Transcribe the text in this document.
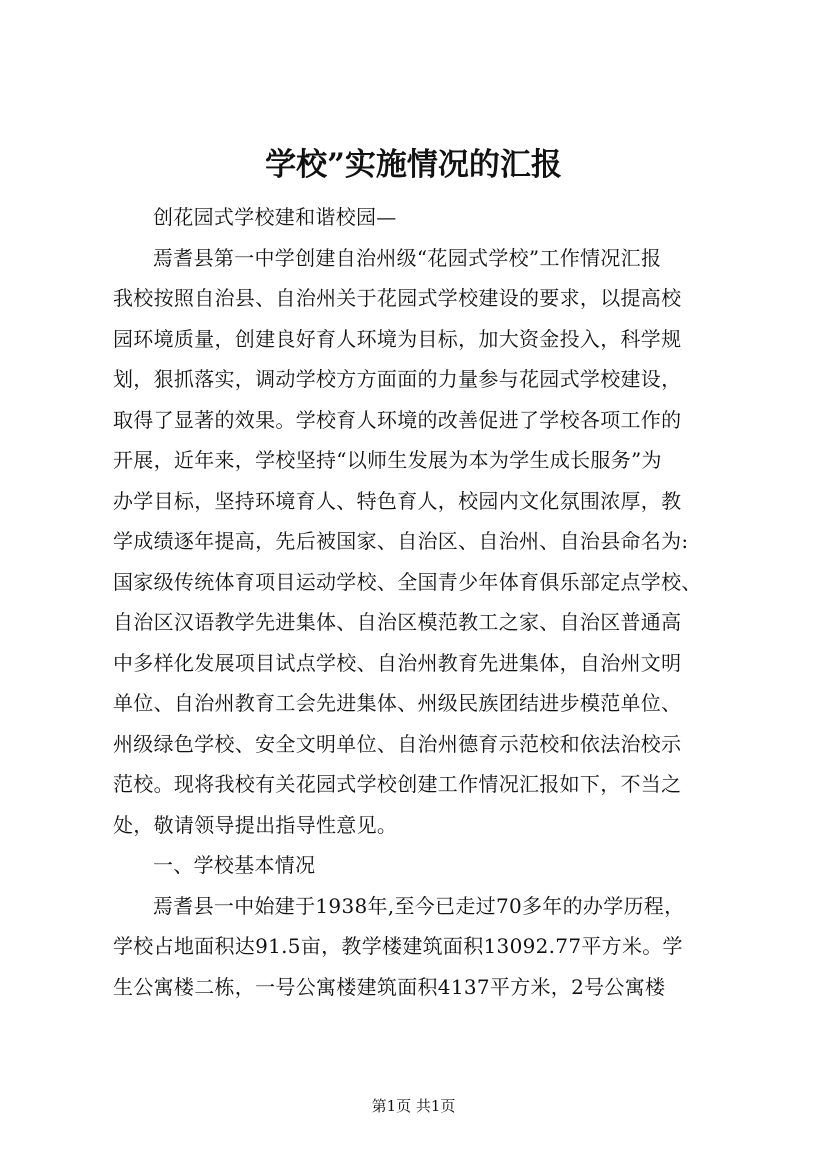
学校”实施情况的汇报

创花园式学校建和谐校园—

焉耆县第一中学创建自治州级“花园式学校”工作情况汇报

我校按照自治县、自治州关于花园式学校建设的要求，以提高校

园环境质量，创建良好育人环境为目标，加大资金投入，科学规

划，狠抓落实，调动学校方方面面的力量参与花园式学校建设，

取得了显著的效果。学校育人环境的改善促进了学校各项工作的

开展，近年来，学校坚持“以师生发展为本为学生成长服务”为

办学目标，坚持环境育人、特色育人，校园内文化氛围浓厚，教

学成绩逐年提高，先后被国家、自治区、自治州、自治县命名为:

国家级传统体育项目运动学校、全国青少年体育俱乐部定点学校、

自治区汉语教学先进集体、自治区模范教工之家、自治区普通高

中多样化发展项目试点学校、自治州教育先进集体，自治州文明

单位、自治州教育工会先进集体、州级民族团结进步模范单位、

州级绿色学校、安全文明单位、自治州德育示范校和依法治校示

范校。现将我校有关花园式学校创建工作情况汇报如下，不当之

处，敬请领导提出指导性意见。

一、学校基本情况

焉耆县一中始建于1938年,至今已走过70多年的办学历程，

学校占地面积达91.5亩，教学楼建筑面积13092.77平方米。学

生公寓楼二栋，一号公寓楼建筑面积4137平方米，2号公寓楼

第1页 共1页
